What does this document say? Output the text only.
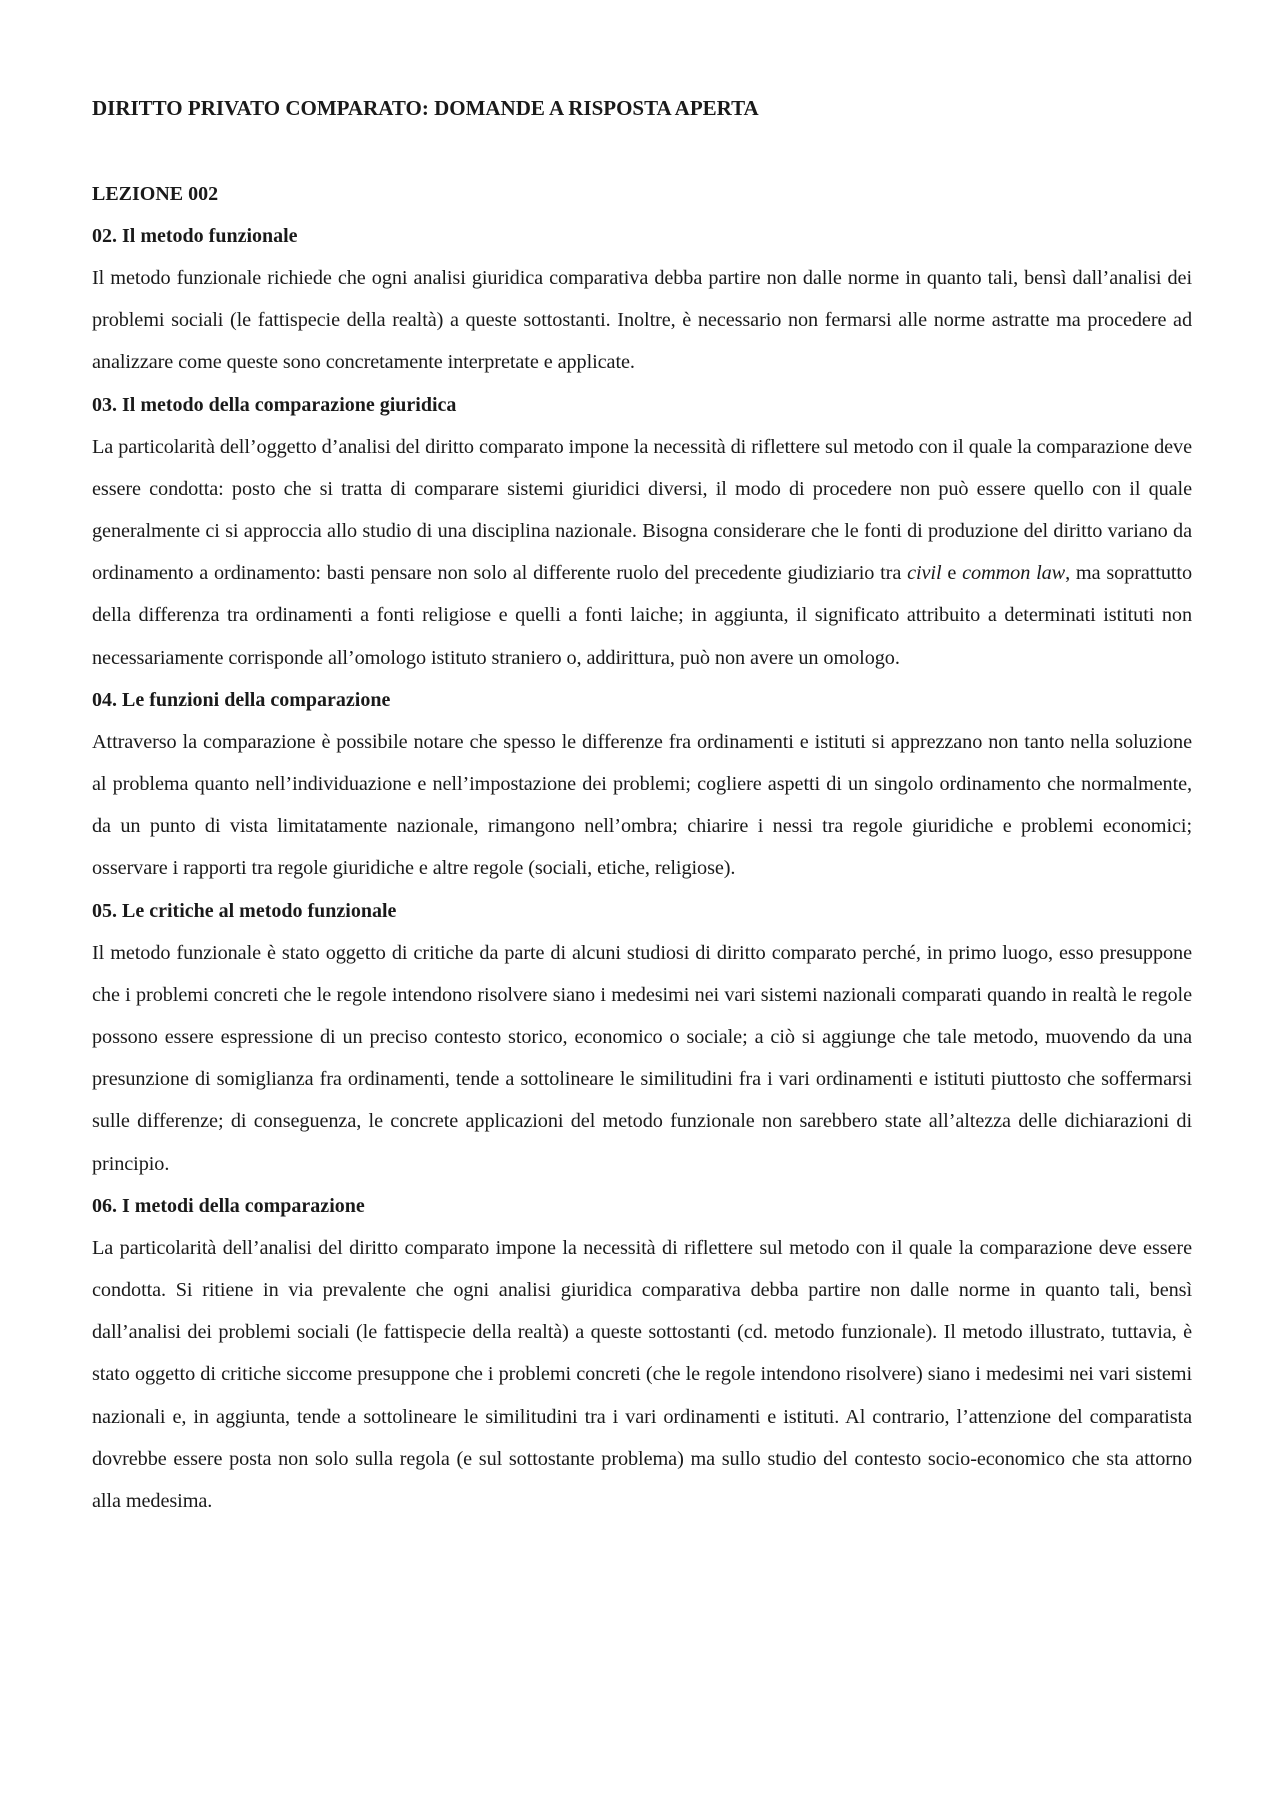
DIRITTO PRIVATO COMPARATO: DOMANDE A RISPOSTA APERTA
LEZIONE 002
02. Il metodo funzionale

Il metodo funzionale richiede che ogni analisi giuridica comparativa debba partire non dalle norme in quanto tali, bensì dall’analisi dei problemi sociali (le fattispecie della realtà) a queste sottostanti. Inoltre, è necessario non fermarsi alle norme astratte ma procedere ad analizzare come queste sono concretamente interpretate e applicate.

03. Il metodo della comparazione giuridica

La particolarità dell’oggetto d’analisi del diritto comparato impone la necessità di riflettere sul metodo con il quale la comparazione deve essere condotta: posto che si tratta di comparare sistemi giuridici diversi, il modo di procedere non può essere quello con il quale generalmente ci si approccia allo studio di una disciplina nazionale. Bisogna considerare che le fonti di produzione del diritto variano da ordinamento a ordinamento: basti pensare non solo al differente ruolo del precedente giudiziario tra civil e common law, ma soprattutto della differenza tra ordinamenti a fonti religiose e quelli a fonti laiche; in aggiunta, il significato attribuito a determinati istituti non necessariamente corrisponde all’omologo istituto straniero o, addirittura, può non avere un omologo.

04. Le funzioni della comparazione

Attraverso la comparazione è possibile notare che spesso le differenze fra ordinamenti e istituti si apprezzano non tanto nella soluzione al problema quanto nell’individuazione e nell’impostazione dei problemi; cogliere aspetti di un singolo ordinamento che normalmente, da un punto di vista limitatamente nazionale, rimangono nell’ombra; chiarire i nessi tra regole giuridiche e problemi economici; osservare i rapporti tra regole giuridiche e altre regole (sociali, etiche, religiose).

05. Le critiche al metodo funzionale

Il metodo funzionale è stato oggetto di critiche da parte di alcuni studiosi di diritto comparato perché, in primo luogo, esso presuppone che i problemi concreti che le regole intendono risolvere siano i medesimi nei vari sistemi nazionali comparati quando in realtà le regole possono essere espressione di un preciso contesto storico, economico o sociale; a ciò si aggiunge che tale metodo, muovendo da una presunzione di somiglianza fra ordinamenti, tende a sottolineare le similitudini fra i vari ordinamenti e istituti piuttosto che soffermarsi sulle differenze; di conseguenza, le concrete applicazioni del metodo funzionale non sarebbero state all’altezza delle dichiarazioni di principio.

06. I metodi della comparazione

La particolarità dell’analisi del diritto comparato impone la necessità di riflettere sul metodo con il quale la comparazione deve essere condotta. Si ritiene in via prevalente che ogni analisi giuridica comparativa debba partire non dalle norme in quanto tali, bensì dall’analisi dei problemi sociali (le fattispecie della realtà) a queste sottostanti (cd. metodo funzionale). Il metodo illustrato, tuttavia, è stato oggetto di critiche siccome presuppone che i problemi concreti (che le regole intendono risolvere) siano i medesimi nei vari sistemi nazionali e, in aggiunta, tende a sottolineare le similitudini tra i vari ordinamenti e istituti. Al contrario, l’attenzione del comparatista dovrebbe essere posta non solo sulla regola (e sul sottostante problema) ma sullo studio del contesto socio-economico che sta attorno alla medesima.
